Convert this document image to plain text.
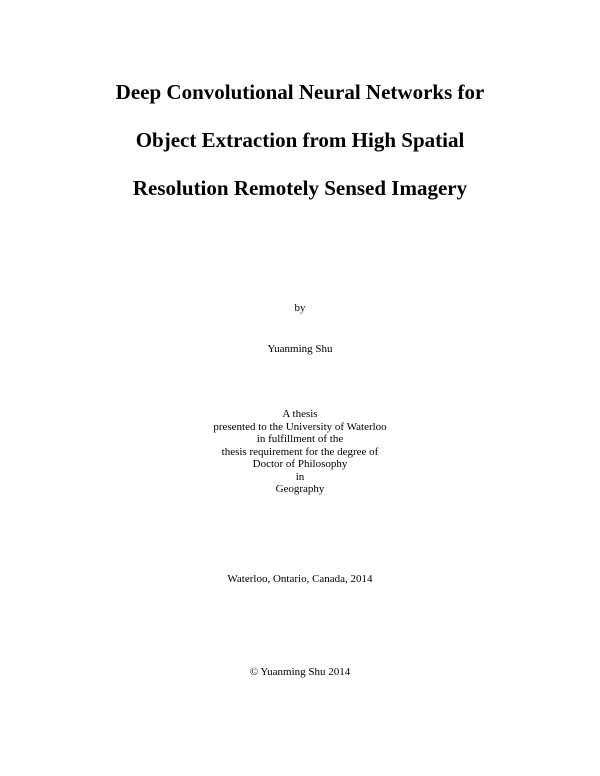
Deep Convolutional Neural Networks for
Object Extraction from High Spatial
Resolution Remotely Sensed Imagery
by
Yuanming Shu
A thesis
presented to the University of Waterloo
in fulfillment of the
thesis requirement for the degree of
Doctor of Philosophy
in
Geography
Waterloo, Ontario, Canada, 2014
© Yuanming Shu 2014
